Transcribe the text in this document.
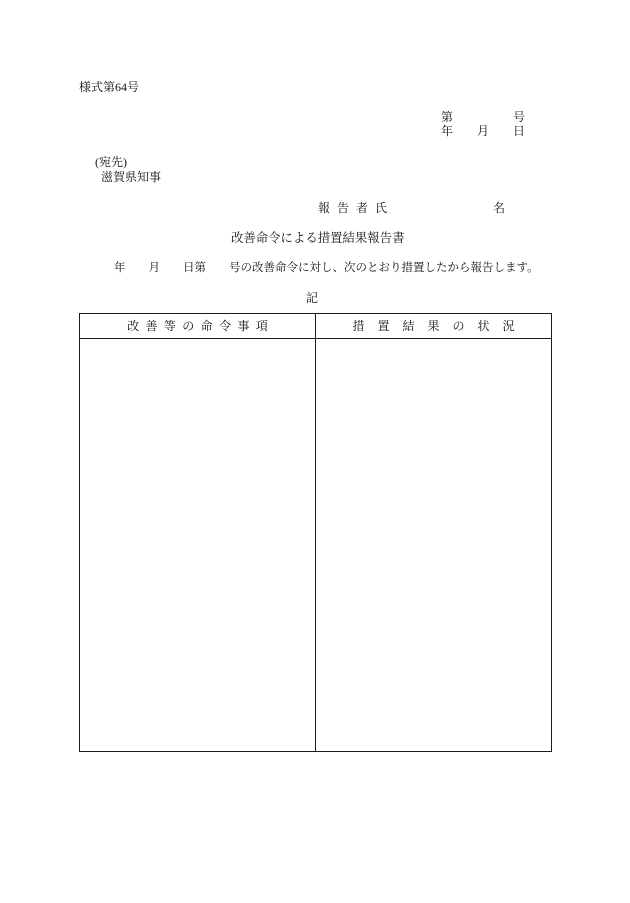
様式第64号
第　　　　　号
年　　月　　日
(宛先)
滋賀県知事
報 告 者 氏	名
改善命令による措置結果報告書
年　　月　　日第　　号の改善命令に対し、次のとおり措置したから報告します。
記
改 善 等 の 命 令 事 項	措 置 結 果 の 状 況
